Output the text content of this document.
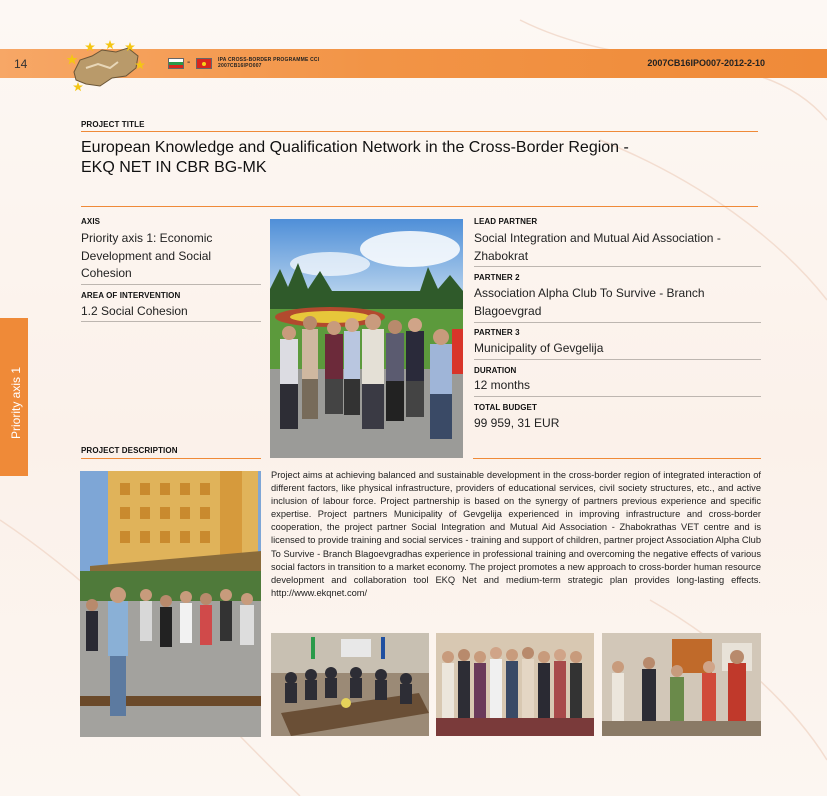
14	-	IPA CROSS-BORDER PROGRAMME CCI 2007CB16IPO007	2007CB16IPO007-2012-2-10
Priority axis 1
PROJECT TITLE
European Knowledge and Qualification Network in the Cross-Border Region -
EKQ NET IN CBR BG-MK
AXIS
Priority axis 1: Economic Development and Social Cohesion
AREA OF INTERVENTION
1.2 Social Cohesion
LEAD PARTNER
Social Integration and Mutual Aid Association - Zhabokrat
PARTNER 2
Association Alpha Club To Survive - Branch Blagoevgrad
PARTNER 3
Municipality of Gevgelija
DURATION
12 months
TOTAL BUDGET
99 959, 31 EUR
PROJECT DESCRIPTION
Project aims at achieving balanced and sustainable development in the cross-border region of integrated interaction of different factors, like physical infrastructure, providers of educational services, civil society structures, etc., and active inclusion of labour force. Project partnership is based on the synergy of partners previous experience and specific expertise. Project partners Municipality of Gevgelija experienced in improving infrastructure and cross-border cooperation, the project partner Social Integration and Mutual Aid Association - Zhabokrathas VET centre and is licensed to provide training and social services - training and support of children, partner project Association Alpha Club To Survive - Branch Blagoevgradhas experience in professional training and overcoming the negative effects of various social factors in transition to a market economy. The project promotes a new approach to cross-border human resource development and collaboration tool EKQ Net and medium-term strategic plan provides long-lasting effects. http://www.ekqnet.com/
